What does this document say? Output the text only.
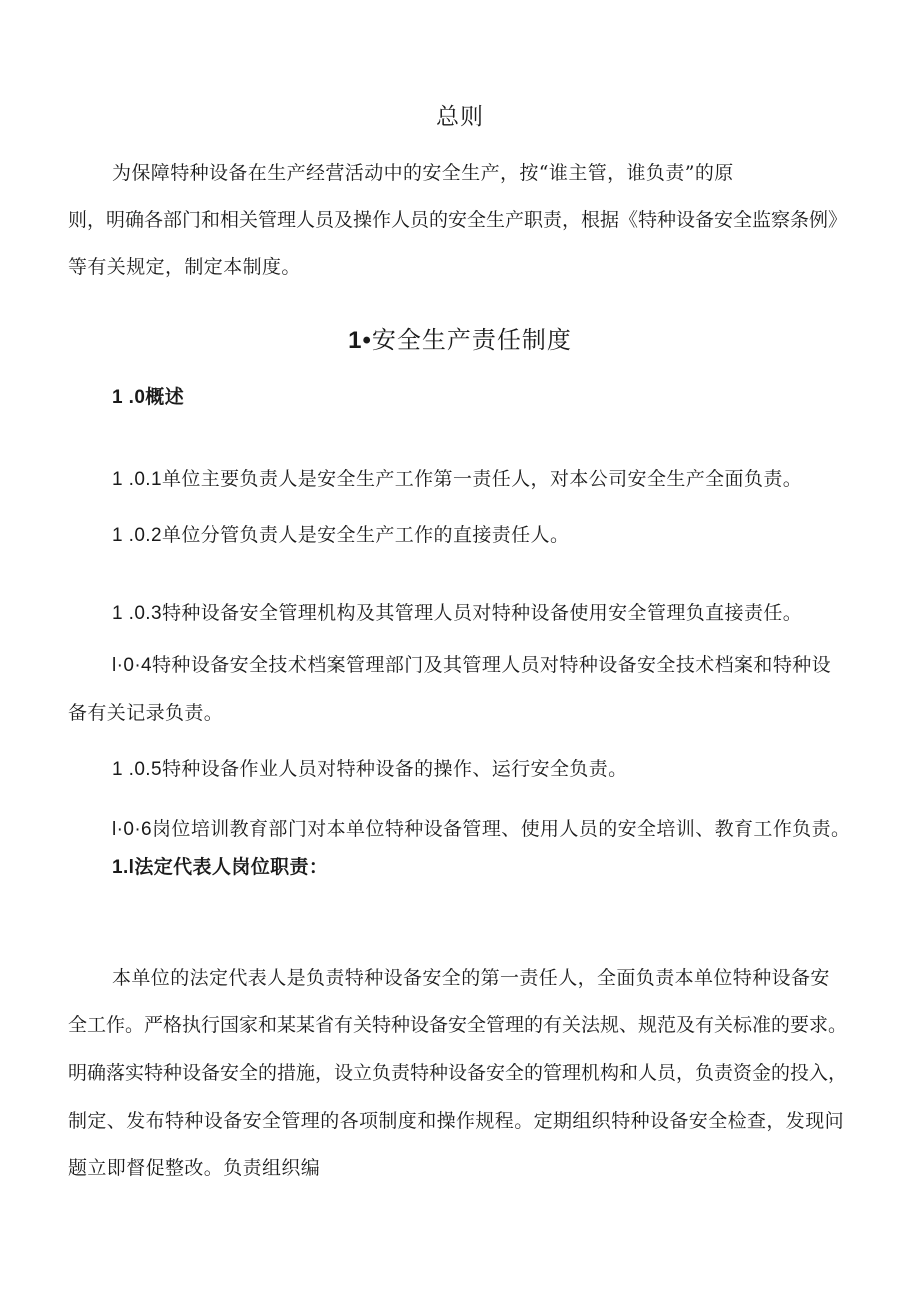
总则
为保障特种设备在生产经营活动中的安全生产，按“谁主管，谁负责”的原
则，明确各部门和相关管理人员及操作人员的安全生产职责，根据《特种设备安全监察条例》
等有关规定，制定本制度。
1•安全生产责任制度
1 .0概述
1 .0.1单位主要负责人是安全生产工作第一责任人，对本公司安全生产全面负责。
1 .0.2单位分管负责人是安全生产工作的直接责任人。
1 .0.3特种设备安全管理机构及其管理人员对特种设备使用安全管理负直接责任。
l·0·4特种设备安全技术档案管理部门及其管理人员对特种设备安全技术档案和特种设
备有关记录负责。
1 .0.5特种设备作业人员对特种设备的操作、运行安全负责。
l·0·6岗位培训教育部门对本单位特种设备管理、使用人员的安全培训、教育工作负责。
1.l法定代表人岗位职责：
本单位的法定代表人是负责特种设备安全的第一责任人，全面负责本单位特种设备安
全工作。严格执行国家和某某省有关特种设备安全管理的有关法规、规范及有关标准的要求。
明确落实特种设备安全的措施，设立负责特种设备安全的管理机构和人员，负责资金的投入，
制定、发布特种设备安全管理的各项制度和操作规程。定期组织特种设备安全检查，发现问
题立即督促整改。负责组织编
